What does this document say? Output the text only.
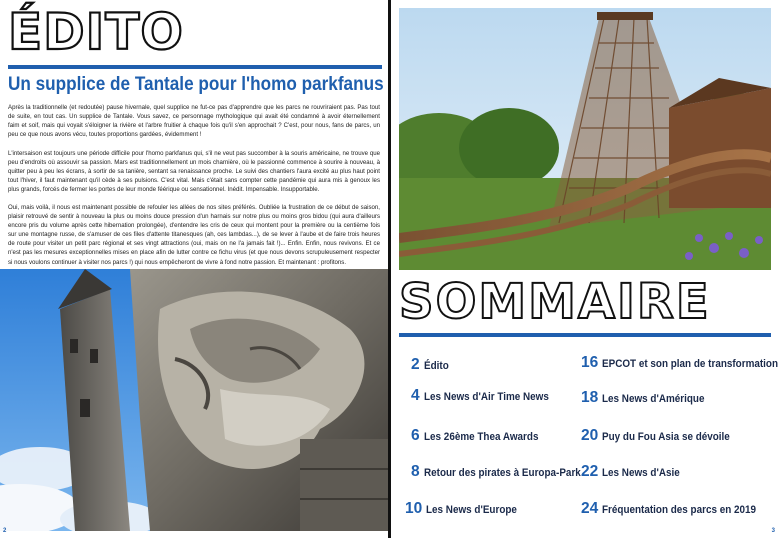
ÉDITO
Un supplice de Tantale pour l'homo parkfanus

Après la traditionnelle (et redoutée) pause hivernale, quel supplice ne fut-ce pas d'apprendre que les parcs ne rouvriraient pas. Pas tout de suite, en tout cas. Un supplice de Tantale. Vous savez, ce personnage mythologique qui avait été condamné à avoir éternellement faim et soif, mais qui voyait s'éloigner la rivière et l'arbre fruitier à chaque fois qu'il s'en approchait ? C'est, pour nous, fans de parcs, un peu ce que nous avons vécu, toutes proportions gardées, évidemment !

L'intersaison est toujours une période difficile pour l'homo parkfanus qui, s'il ne veut pas succomber à la souris américaine, ne trouve que peu d'endroits où assouvir sa passion. Mars est traditionnellement un mois charnière, où le passionné commence à sourire à nouveau, à quitter peu à peu les écrans, à sortir de sa tanière, sentant sa renaissance proche. Le suivi des chantiers l'aura excité au plus haut point tout l'hiver, il faut maintenant qu'il cède à ses pulsions. C'est vital. Mais c'était sans compter cette pandémie qui aura mis à genoux les plus grands, forcés de fermer les portes de leur monde féérique ou sensationnel. Inédit. Impensable. Insupportable.

Oui, mais voilà, il nous est maintenant possible de refouler les allées de nos sites préférés. Oubliée la frustration de ce début de saison, plaisir retrouvé de sentir à nouveau la plus ou moins douce pression d'un harnais sur notre plus ou moins gros bidou (qui aura d'ailleurs encore pris du volume après cette hibernation prolongée), d'entendre les cris de ceux qui montent pour la première ou la centième fois sur une montagne russe, de s'amuser de ces files d'attente titanesques (ah, ces lambdas...), de se lever à l'aube et de faire trois heures de route pour visiter un petit parc régional et ses vingt attractions (oui, mais on ne l'a jamais fait !)... Enfin. Enfin, nous revivons. Et ce n'est pas les mesures exceptionnelles mises en place afin de lutter contre ce fichu virus (et que nous devons scrupuleusement respecter si nous voulons continuer à visiter nos parcs !) qui nous empêcheront de vivre à fond notre passion. Et maintenant : profitons.

2
SOMMAIRE
2 Édito
4 Les News d'Air Time News
6 Les 26ème Thea Awards
8 Retour des pirates à Europa-Park
10 Les News d'Europe
16 EPCOT et son plan de transformation
18 Les News d'Amérique
20 Puy du Fou Asia se dévoile
22 Les News d'Asie
24 Fréquentation des parcs en 2019
3
